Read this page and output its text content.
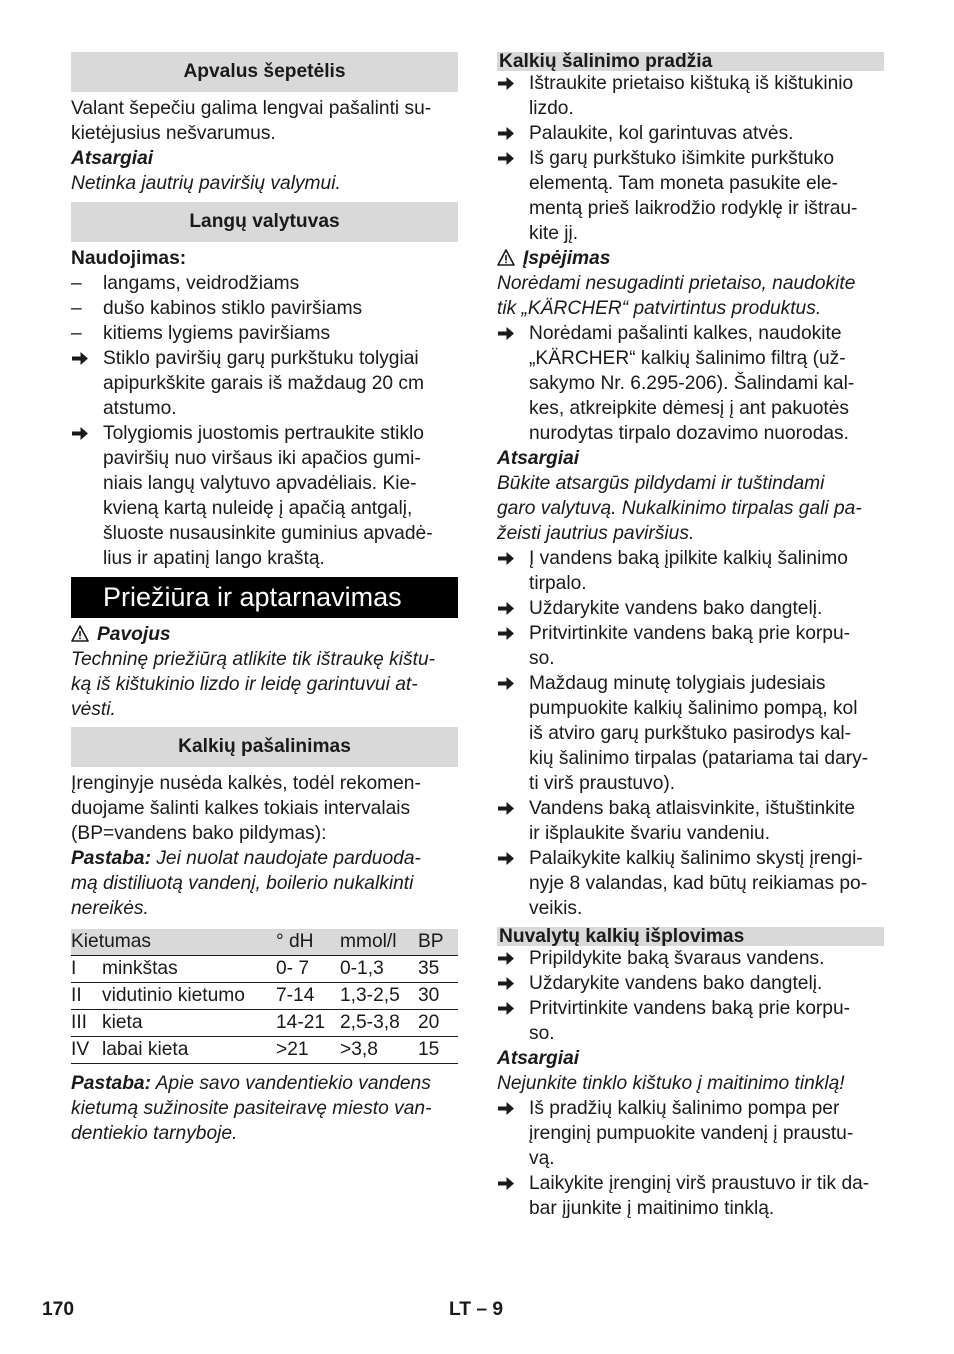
Apvalus šepetėlis
Valant šepečiu galima lengvai pašalinti su-
kietėjusius nešvarumus.
Atsargiai
Netinka jautrių paviršių valymui.
Langų valytuvas
Naudojimas:
– langams, veidrodžiams
– dušo kabinos stiklo paviršiams
– kitiems lygiems paviršiams
Stiklo paviršių garų purkštuku tolygiai
apipurkškite garais iš maždaug 20 cm
atstumo.
Tolygiomis juostomis pertraukite stiklo
paviršių nuo viršaus iki apačios gumi-
niais langų valytuvo apvadėliais. Kie-
kvieną kartą nuleidę į apačią antgalį,
šluoste nusausinkite guminius apvadė-
lius ir apatinį lango kraštą.
Priežiūra ir aptarnavimas
Pavojus
Techninę priežiūrą atlikite tik ištraukę kištu-
ką iš kištukinio lizdo ir leidę garintuvui at-
vėsti.
Kalkių pašalinimas
Įrenginyje nusėda kalkės, todėl rekomen-
duojame šalinti kalkes tokiais intervalais
(BP=vandens bako pildymas):
Pastaba: Jei nuolat naudojate parduoda-
mą distiliuotą vandenį, boilerio nukalkinti
nereikės.
Kietumas		° dH	mmol/l	BP
I	minkštas	0- 7	0-1,3	35
II	vidutinio kietumo	7-14	1,3-2,5	30
III	kieta	14-21	2,5-3,8	20
IV	labai kieta	>21	>3,8	15
Pastaba: Apie savo vandentiekio vandens
kietumą sužinosite pasiteiravę miesto van-
dentiekio tarnyboje.
Kalkių šalinimo pradžia
Ištraukite prietaiso kištuką iš kištukinio
lizdo.
Palaukite, kol garintuvas atvės.
Iš garų purkštuko išimkite purkštuko
elementą. Tam moneta pasukite ele-
mentą prieš laikrodžio rodyklę ir ištrau-
kite jį.
Įspėjimas
Norėdami nesugadinti prietaiso, naudokite
tik „KÄRCHER“ patvirtintus produktus.
Norėdami pašalinti kalkes, naudokite
„KÄRCHER“ kalkių šalinimo filtrą (už-
sakymo Nr. 6.295-206). Šalindami kal-
kes, atkreipkite dėmesį į ant pakuotės
nurodytas tirpalo dozavimo nuorodas.
Atsargiai
Būkite atsargūs pildydami ir tuštindami
garo valytuvą. Nukalkinimo tirpalas gali pa-
žeisti jautrius paviršius.
Į vandens baką įpilkite kalkių šalinimo
tirpalo.
Uždarykite vandens bako dangtelį.
Pritvirtinkite vandens baką prie korpu-
so.
Maždaug minutę tolygiais judesiais
pumpuokite kalkių šalinimo pompą, kol
iš atviro garų purkštuko pasirodys kal-
kių šalinimo tirpalas (patariama tai dary-
ti virš praustuvo).
Vandens baką atlaisvinkite, ištuštinkite
ir išplaukite švariu vandeniu.
Palaikykite kalkių šalinimo skystį įrengi-
nyje 8 valandas, kad būtų reikiamas po-
veikis.
Nuvalytų kalkių išplovimas
Pripildykite baką švaraus vandens.
Uždarykite vandens bako dangtelį.
Pritvirtinkite vandens baką prie korpu-
so.
Atsargiai
Nejunkite tinklo kištuko į maitinimo tinklą!
Iš pradžių kalkių šalinimo pompa per
įrenginį pumpuokite vandenį į praustu-
vą.
Laikykite įrenginį virš praustuvo ir tik da-
bar įjunkite į maitinimo tinklą.
170	LT – 9
